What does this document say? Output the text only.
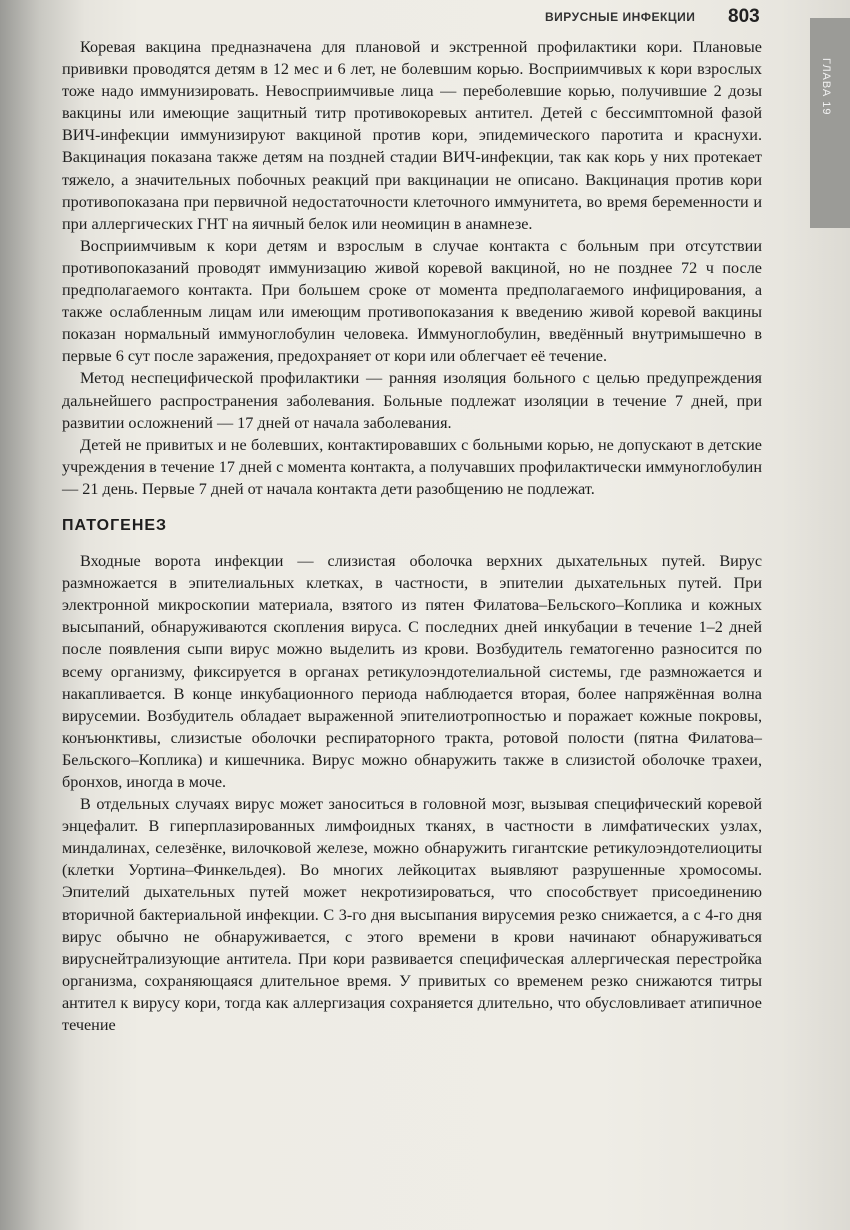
ВИРУСНЫЕ ИНФЕКЦИИ 803
ГЛАВА 19

Коревая вакцина предназначена для плановой и экстренной профилактики кори. Плановые прививки проводятся детям в 12 мес и 6 лет, не болевшим корью. Восприимчивых к кори взрослых тоже надо иммунизировать. Невосприимчивые лица — переболевшие корью, получившие 2 дозы вакцины или имеющие защитный титр противокоревых антител. Детей с бессимптомной фазой ВИЧ-инфекции иммунизируют вакциной против кори, эпидемического паротита и краснухи. Вакцинация показана также детям на поздней стадии ВИЧ-инфекции, так как корь у них протекает тяжело, а значительных побочных реакций при вакцинации не описано. Вакцинация против кори противопоказана при первичной недостаточности клеточного иммунитета, во время беременности и при аллергических ГНТ на яичный белок или неомицин в анамнезе.

Восприимчивым к кори детям и взрослым в случае контакта с больным при отсутствии противопоказаний проводят иммунизацию живой коревой вакциной, но не позднее 72 ч после предполагаемого контакта. При большем сроке от момента предполагаемого инфицирования, а также ослабленным лицам или имеющим противопоказания к введению живой коревой вакцины показан нормальный иммуноглобулин человека. Иммуноглобулин, введённый внутримышечно в первые 6 сут после заражения, предохраняет от кори или облегчает её течение.

Метод неспецифической профилактики — ранняя изоляция больного с целью предупреждения дальнейшего распространения заболевания. Больные подлежат изоляции в течение 7 дней, при развитии осложнений — 17 дней от начала заболевания.

Детей не привитых и не болевших, контактировавших с больными корью, не допускают в детские учреждения в течение 17 дней с момента контакта, а получавших профилактически иммуноглобулин — 21 день. Первые 7 дней от начала контакта дети разобщению не подлежат.

ПАТОГЕНЕЗ

Входные ворота инфекции — слизистая оболочка верхних дыхательных путей. Вирус размножается в эпителиальных клетках, в частности, в эпителии дыхательных путей. При электронной микроскопии материала, взятого из пятен Филатова–Бельского–Коплика и кожных высыпаний, обнаруживаются скопления вируса. С последних дней инкубации в течение 1–2 дней после появления сыпи вирус можно выделить из крови. Возбудитель гематогенно разносится по всему организму, фиксируется в органах ретикулоэндотелиальной системы, где размножается и накапливается. В конце инкубационного периода наблюдается вторая, более напряжённая волна вирусемии. Возбудитель обладает выраженной эпителиотропностью и поражает кожные покровы, конъюнктивы, слизистые оболочки респираторного тракта, ротовой полости (пятна Филатова–Бельского–Коплика) и кишечника. Вирус можно обнаружить также в слизистой оболочке трахеи, бронхов, иногда в моче.

В отдельных случаях вирус может заноситься в головной мозг, вызывая специфический коревой энцефалит. В гиперплазированных лимфоидных тканях, в частности в лимфатических узлах, миндалинах, селезёнке, вилочковой железе, можно обнаружить гигантские ретикулоэндотелиоциты (клетки Уортина–Финкельдея). Во многих лейкоцитах выявляют разрушенные хромосомы. Эпителий дыхательных путей может некротизироваться, что способствует присоединению вторичной бактериальной инфекции. С 3-го дня высыпания вирусемия резко снижается, а с 4-го дня вирус обычно не обнаруживается, с этого времени в крови начинают обнаруживаться вируснейтрализующие антитела. При кори развивается специфическая аллергическая перестройка организма, сохраняющаяся длительное время. У привитых со временем резко снижаются титры антител к вирусу кори, тогда как аллергизация сохраняется длительно, что обусловливает атипичное течение
